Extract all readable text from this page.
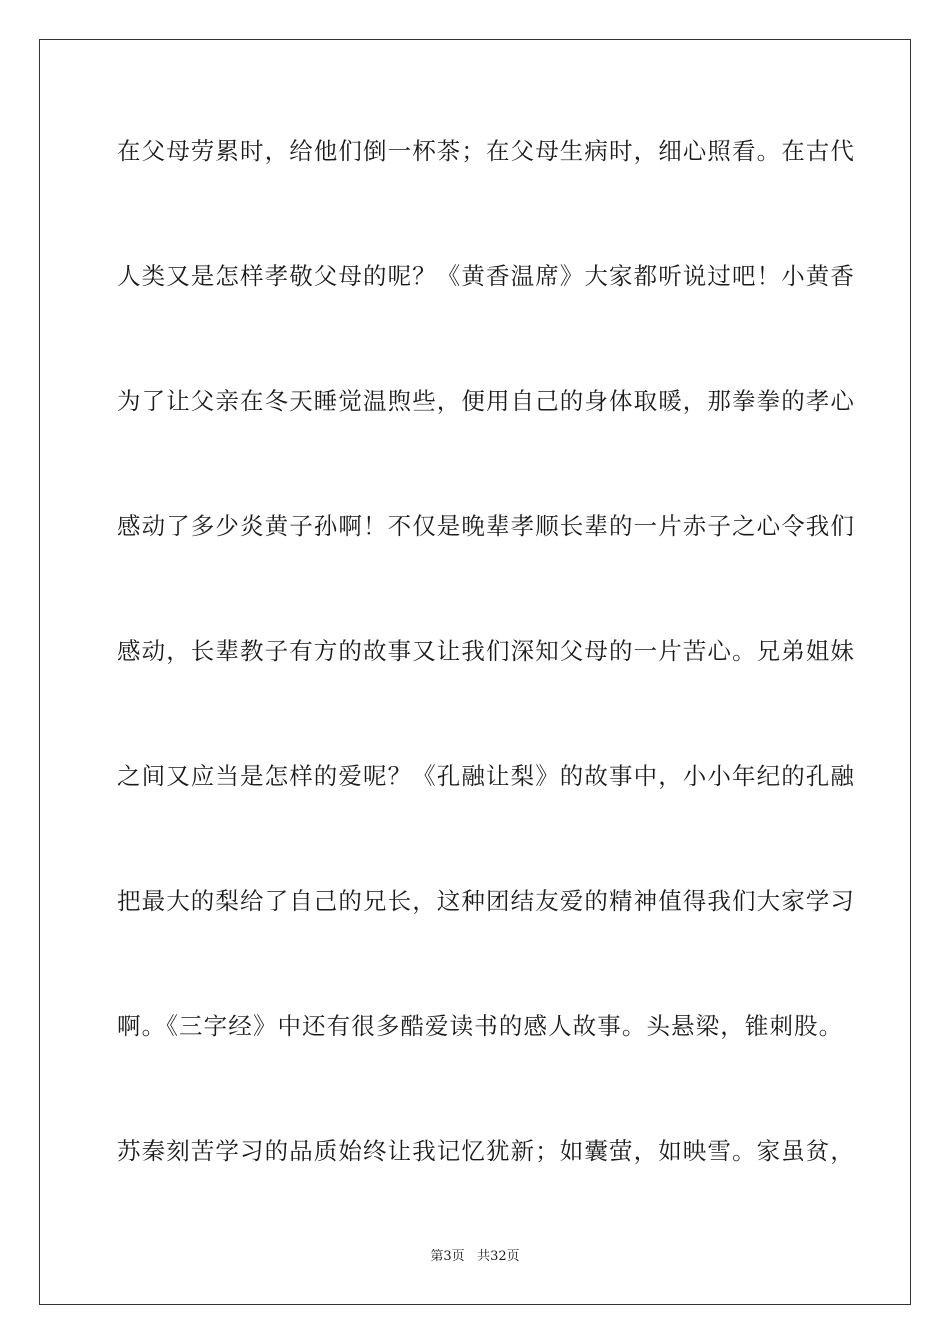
在父母劳累时，给他们倒一杯茶；在父母生病时，细心照看。在古代
人类又是怎样孝敬父母的呢？《黄香温席》大家都听说过吧！小黄香
为了让父亲在冬天睡觉温煦些，便用自己的身体取暖，那拳拳的孝心
感动了多少炎黄子孙啊！不仅是晚辈孝顺长辈的一片赤子之心令我们
感动，长辈教子有方的故事又让我们深知父母的一片苦心。兄弟姐妹
之间又应当是怎样的爱呢？《孔融让梨》的故事中，小小年纪的孔融
把最大的梨给了自己的兄长，这种团结友爱的精神值得我们大家学习
啊。《三字经》中还有很多酷爱读书的感人故事。头悬梁，锥刺股。
苏秦刻苦学习的品质始终让我记忆犹新；如囊萤，如映雪。家虽贫，
第3页 共32页
